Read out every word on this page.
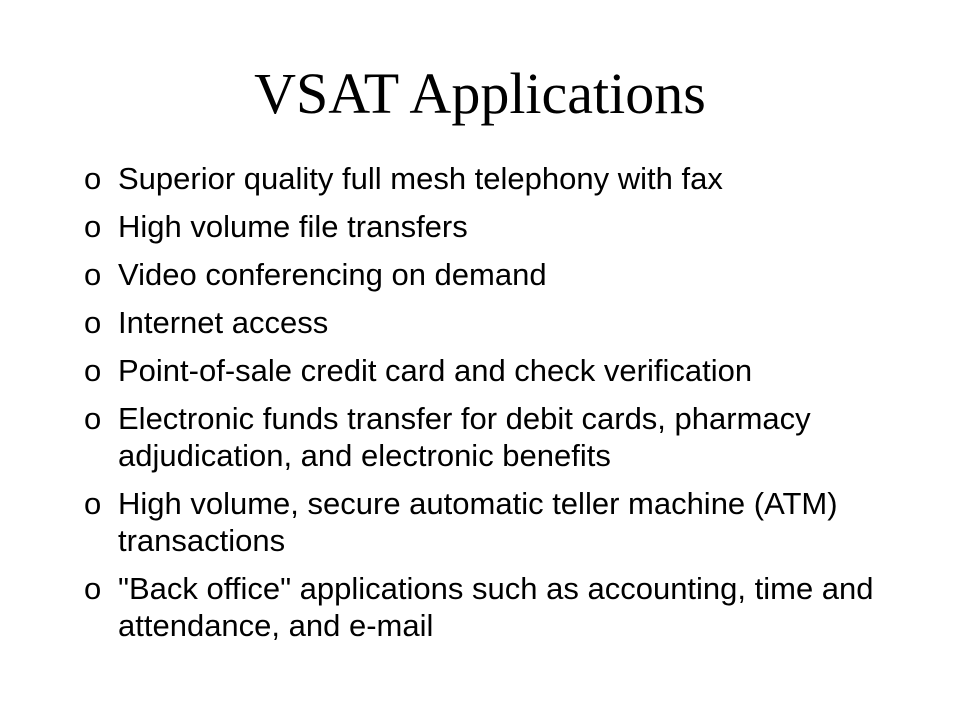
VSAT Applications
o Superior quality full mesh telephony with fax
o High volume file transfers
o Video conferencing on demand
o Internet access
o Point-of-sale credit card and check verification
o Electronic funds transfer for debit cards, pharmacy adjudication, and electronic benefits
o High volume, secure automatic teller machine (ATM) transactions
o "Back office" applications such as accounting, time and attendance, and e-mail
